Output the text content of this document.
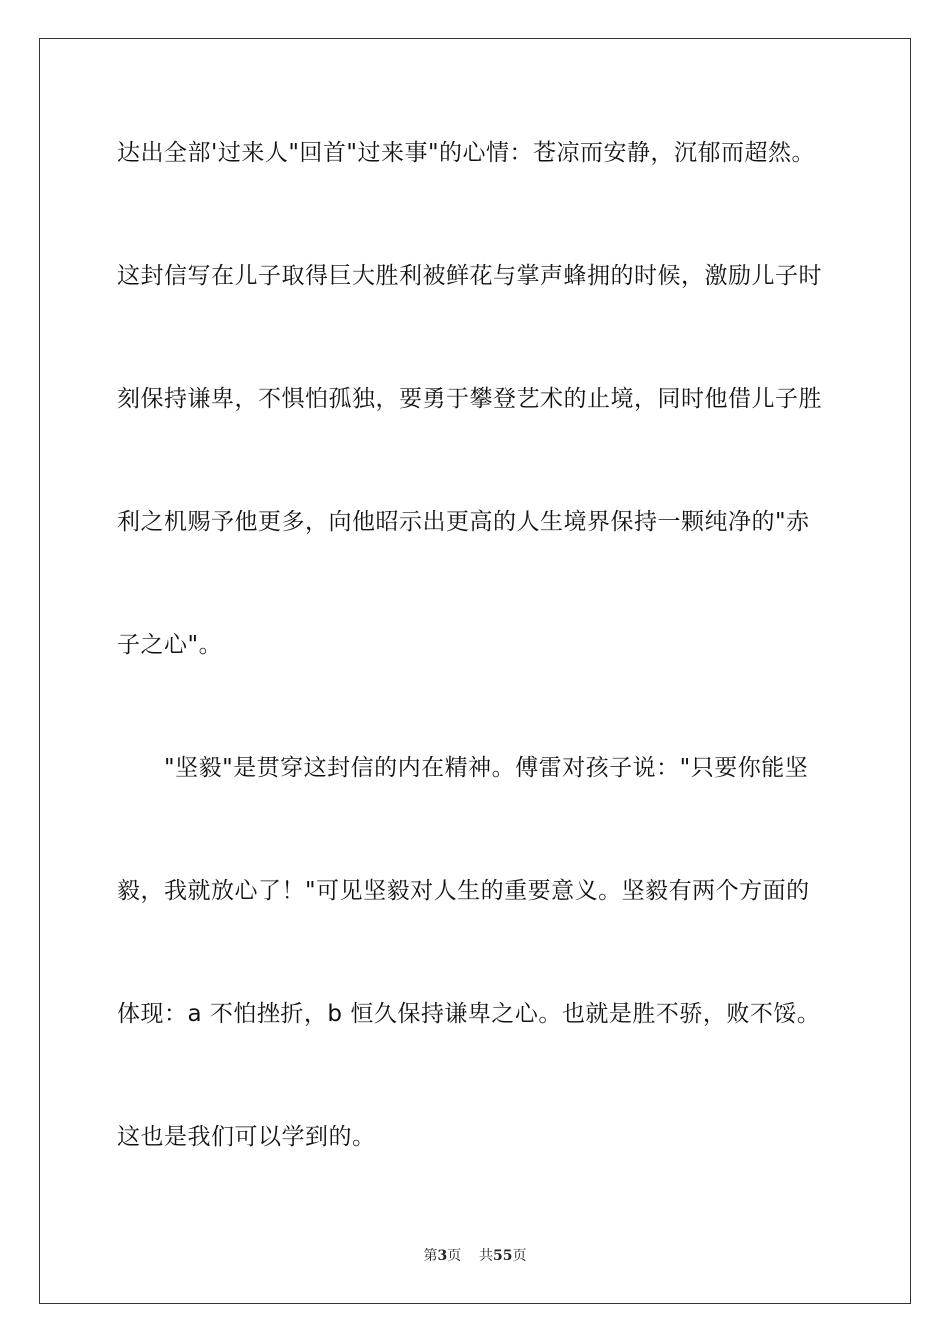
达出全部'过来人"回首"过来事"的心情：苍凉而安静，沉郁而超然。
这封信写在儿子取得巨大胜利被鲜花与掌声蜂拥的时候，激励儿子时
刻保持谦卑，不惧怕孤独，要勇于攀登艺术的止境，同时他借儿子胜
利之机赐予他更多，向他昭示出更高的人生境界保持一颗纯净的"赤
子之心"。
"坚毅"是贯穿这封信的内在精神。傅雷对孩子说："只要你能坚
毅，我就放心了！"可见坚毅对人生的重要意义。坚毅有两个方面的
体现：a 不怕挫折，b 恒久保持谦卑之心。也就是胜不骄，败不馁。
这也是我们可以学到的。
第3页 共55页
